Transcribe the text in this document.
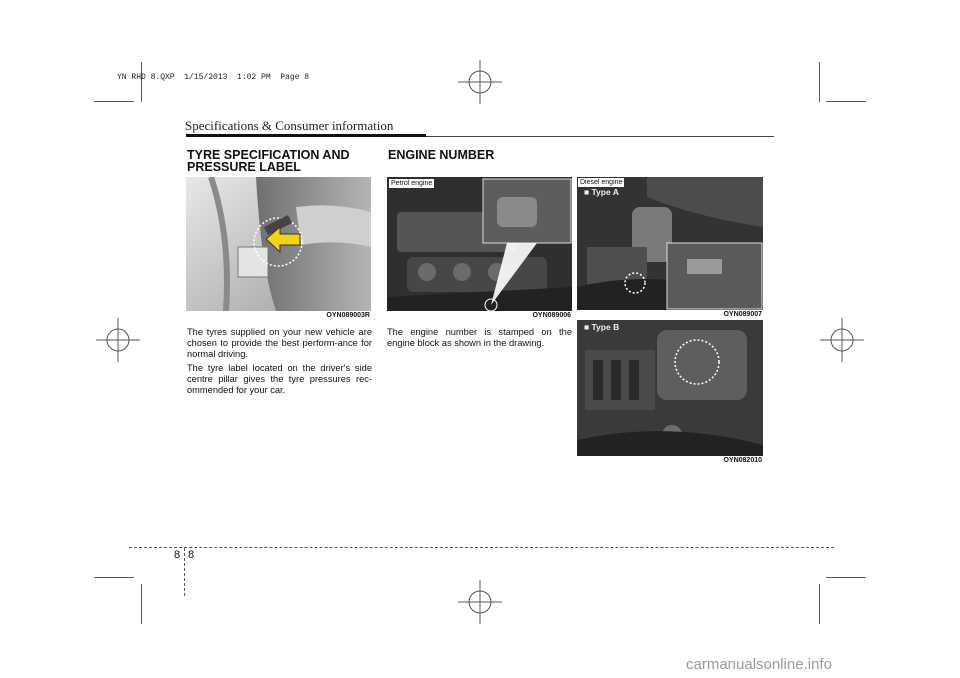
YN RHD 8.QXP  1/15/2013  1:02 PM  Page 8
Specifications & Consumer information
TYRE SPECIFICATION AND
PRESSURE LABEL
OYN089003R

The tyres supplied on your new vehicle are chosen to provide the best perform-ance for normal driving.

The tyre label located on the driver's side centre pillar gives the tyre pressures rec-ommended for your car.

ENGINE NUMBER
Petrol engine
OYN089006

The engine number is stamped on the engine block as shown in the drawing.

Diesel engine
■ Type A
OYN089007
■ Type B
OYN082010
8 8
carmanualsonline.info
